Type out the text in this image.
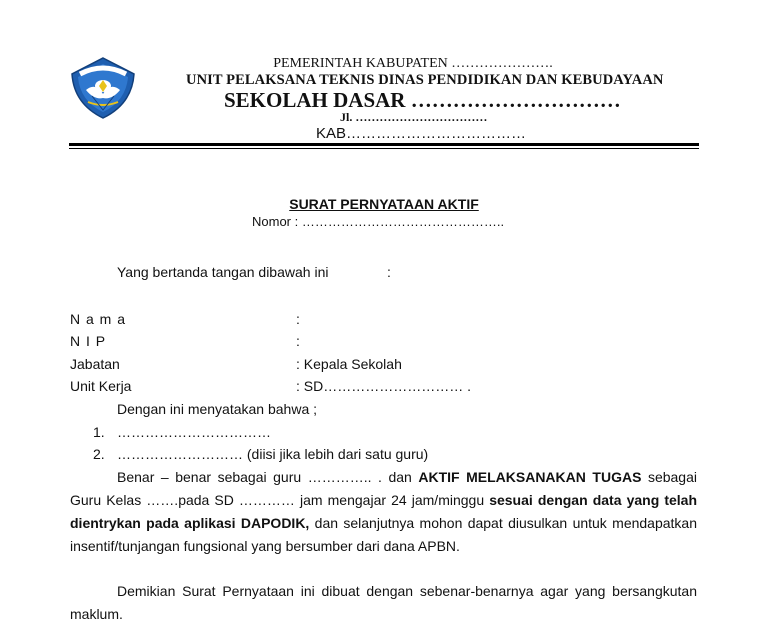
PEMERINTAH KABUPATEN ………………….
UNIT PELAKSANA TEKNIS DINAS PENDIDIKAN DAN KEBUDAYAAN
SEKOLAH DASAR …………………………
Jl. ……………………………
KAB………………………………
SURAT PERNYATAAN AKTIF
Nomor : ………………………………………..
Yang bertanda tangan dibawah ini	:
N a m a	:
N I P	:
Jabatan	: Kepala Sekolah
Unit Kerja	: SD………………………… .
Dengan ini menyatakan bahwa ;
1. ……………………………
2. ……………………… (diisi jika lebih dari satu guru)
Benar – benar sebagai guru ………….. . dan AKTIF MELAKSANAKAN TUGAS sebagai Guru Kelas …….pada SD ………… jam mengajar 24 jam/minggu sesuai dengan data yang telah dientrykan pada aplikasi DAPODIK, dan selanjutnya mohon dapat diusulkan untuk mendapatkan insentif/tunjangan fungsional yang bersumber dari dana APBN.
Demikian Surat Pernyataan ini dibuat dengan sebenar-benarnya agar yang bersangkutan maklum.
